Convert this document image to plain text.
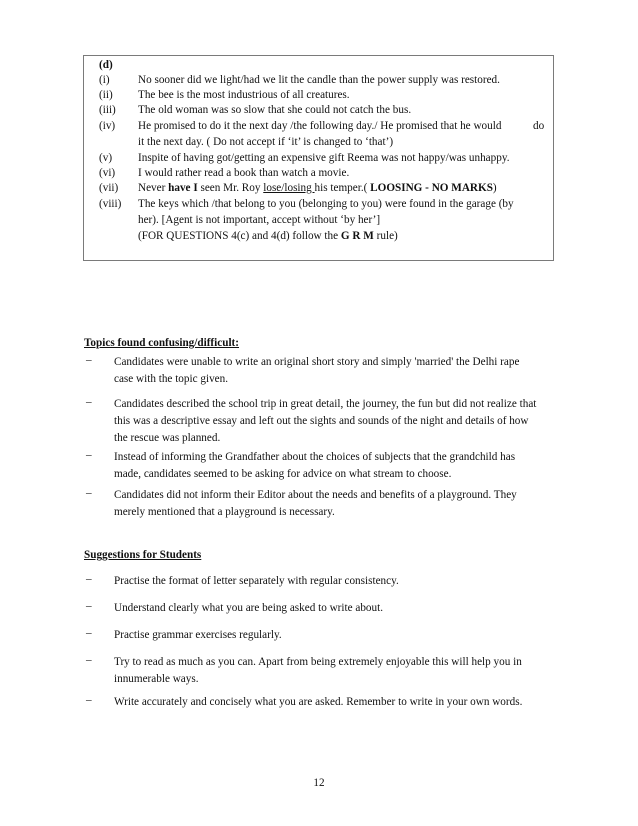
(d)
(i)	No sooner did we light/had we lit the candle than the power supply was restored.
(ii) The bee is the most industrious of all creatures.
(iii) The old woman was so slow that she could not catch the bus.
(iv) He promised to do it the next day /the following day./ He promised that he would	do
it the next day. ( Do not accept if ‘it’ is changed to ‘that’)
(v) Inspite of having got/getting an expensive gift Reema was not happy/was unhappy.
(vi) I would rather read a book than watch a movie.
(vii) Never have I seen Mr. Roy lose/losing his temper.( LOOSING - NO MARKS)
(viii) The keys which /that belong to you (belonging to you) were found in the garage (by
her). [Agent is not important, accept without ‘by her’]
(FOR QUESTIONS 4(c) and 4(d) follow the G R M rule)
Topics found confusing/difficult:
– Candidates were unable to write an original short story and simply 'married' the Delhi rape
case with the topic given.
– Candidates described the school trip in great detail, the journey, the fun but did not realize that
this was a descriptive essay and left out the sights and sounds of the night and details of how
the rescue was planned.
– Instead of informing the Grandfather about the choices of subjects that the grandchild has
made, candidates seemed to be asking for advice on what stream to choose.
– Candidates did not inform their Editor about the needs and benefits of a playground. They
merely mentioned that a playground is necessary.
Suggestions for Students
– Practise the format of letter separately with regular consistency.
– Understand clearly what you are being asked to write about.
– Practise grammar exercises regularly.
– Try to read as much as you can. Apart from being extremely enjoyable this will help you in
innumerable ways.
– Write accurately and concisely what you are asked. Remember to write in your own words.
12
